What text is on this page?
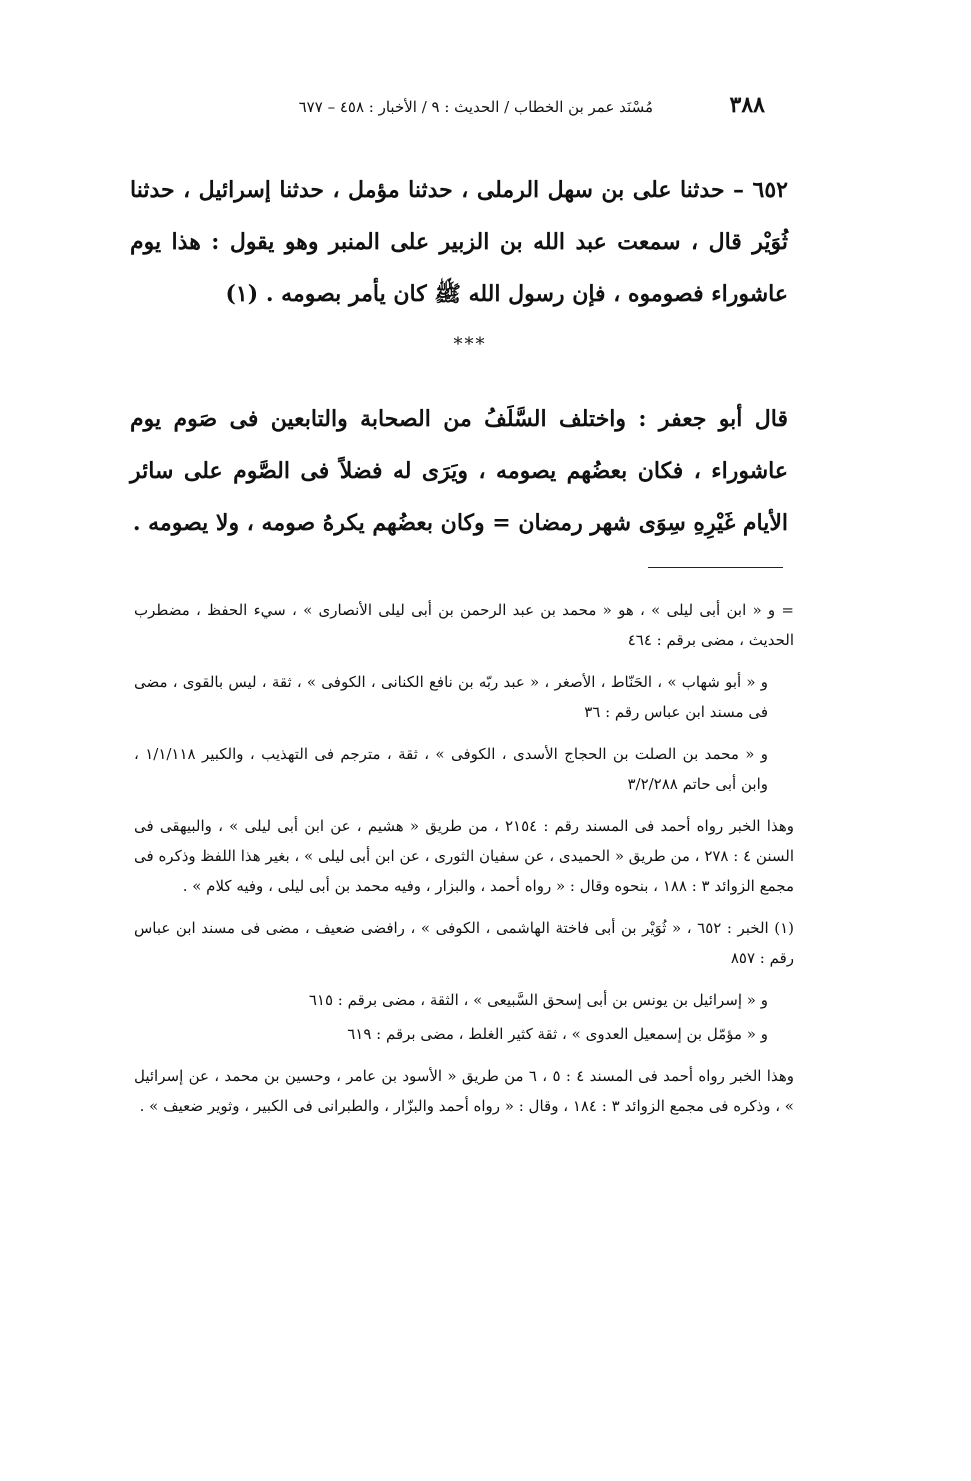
٣٨٨
مُسْنَد عمر بن الخطاب / الحديث : ٩ / الأخبار : ٤٥٨ – ٦٧٧

٦٥٢ – حدثنا على بن سهل الرملى ، حدثنا مؤمل ، حدثنا إسرائيل ، حدثنا ثُوَيْر قال ، سمعت عبد الله بن الزبير على المنبر وهو يقول : هذا يوم عاشوراء فصوموه ، فإن رسول الله ﷺ كان يأمر بصومه . (١)

***

قال أبو جعفر : واختلف السَّلَفُ من الصحابة والتابعين فى صَوم يوم عاشوراء ، فكان بعضُهم يصومه ، ويَرَى له فضلاً فى الصَّوم على سائر الأيام غَيْرِهِ سِوَى شهر رمضان = وكان بعضُهم يكرهُ صومه ، ولا يصومه .

= و « ابن أبى ليلى » ، هو « محمد بن عبد الرحمن بن أبى ليلى الأنصارى » ، سيء الحفظ ، مضطرب الحديث ، مضى برقم : ٤٦٤

و « أبو شهاب » ، الحَنّاط ، الأصغر ، « عبد ربّه بن نافع الكنانى ، الكوفى » ، ثقة ، ليس بالقوى ، مضى فى مسند ابن عباس رقم : ٣٦

و « محمد بن الصلت بن الحجاج الأسدى ، الكوفى » ، ثقة ، مترجم فى التهذيب ، والكبير ١/١/١١٨ ، وابن أبى حاتم ٣/٢/٢٨٨

وهذا الخبر رواه أحمد فى المسند رقم : ٢١٥٤ ، من طريق « هشيم ، عن ابن أبى ليلى » ، والبيهقى فى السنن ٤ : ٢٧٨ ، من طريق « الحميدى ، عن سفيان الثورى ، عن ابن أبى ليلى » ، بغير هذا اللفظ وذكره فى مجمع الزوائد ٣ : ١٨٨ ، بنحوه وقال : « رواه أحمد ، والبزار ، وفيه محمد بن أبى ليلى ، وفيه كلام » .

(١) الخبر : ٦٥٢ ، « ثُوَيْر بن أبى فاختة الهاشمى ، الكوفى » ، رافضى ضعيف ، مضى فى مسند ابن عباس رقم : ٨٥٧

و « إسرائيل بن يونس بن أبى إسحق السَّبيعى » ، الثقة ، مضى برقم : ٦١٥

و « مؤمّل بن إسمعيل العدوى » ، ثقة كثير الغلط ، مضى برقم : ٦١٩

وهذا الخبر رواه أحمد فى المسند ٤ : ٥ ، ٦ من طريق « الأسود بن عامر ، وحسين بن محمد ، عن إسرائيل » ، وذكره فى مجمع الزوائد ٣ : ١٨٤ ، وقال : « رواه أحمد والبزّار ، والطبرانى فى الكبير ، وثوير ضعيف » .
